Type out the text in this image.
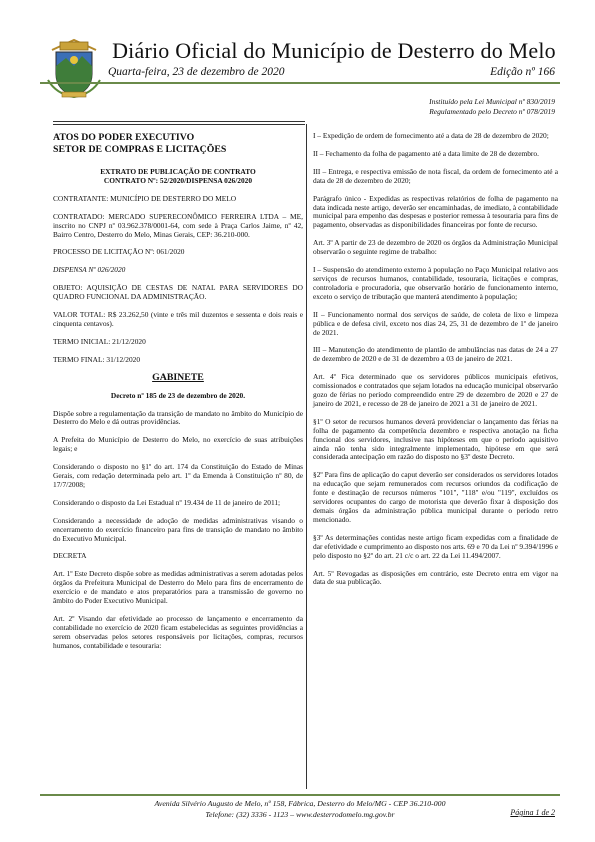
Diário Oficial do Município de Desterro do Melo
Quarta-feira, 23 de dezembro de 2020	Edição nº 166
Instituído pela Lei Municipal nº 830/2019
Regulamentado pelo Decreto nº 078/2019

ATOS DO PODER EXECUTIVO

SETOR DE COMPRAS E LICITAÇÕES

EXTRATO DE PUBLICAÇÃO DE CONTRATO

CONTRATO Nº: 52/2020/DISPENSA 026/2020

CONTRATANTE: MUNICÍPIO DE DESTERRO DO MELO

CONTRATADO: MERCADO SUPERECONÔMICO FERREIRA LTDA – ME, inscrito no CNPJ nº 03.962.378/0001-64, com sede à Praça Carlos Jaime, nº 42, Bairro Centro, Desterro do Melo, Minas Gerais, CEP: 36.210-000.

PROCESSO DE LICITAÇÃO Nº: 061/2020

DISPENSA Nº 026/2020

OBJETO: AQUISIÇÃO DE CESTAS DE NATAL PARA SERVIDORES DO QUADRO FUNCIONAL DA ADMINISTRAÇÃO.

VALOR TOTAL: R$ 23.262,50 (vinte e três mil duzentos e sessenta e dois reais e cinquenta centavos).

TERMO INICIAL: 21/12/2020

TERMO FINAL: 31/12/2020

GABINETE

Decreto nº 185 de 23 de dezembro de 2020.

Dispõe sobre a regulamentação da transição de mandato no âmbito do Município de Desterro do Melo e dá outras providências.

A Prefeita do Município de Desterro do Melo, no exercício de suas atribuições legais; e

Considerando o disposto no §1º do art. 174 da Constituição do Estado de Minas Gerais, com redação determinada pelo art. 1º da Emenda à Constituição nº 80, de 17/7/2008;

Considerando o disposto da Lei Estadual nº 19.434 de 11 de janeiro de 2011;

Considerando a necessidade de adoção de medidas administrativas visando o encerramento do exercício financeiro para fins de transição de mandato no âmbito do Executivo Municipal.

DECRETA

Art. 1º Este Decreto dispõe sobre as medidas administrativas a serem adotadas pelos órgãos da Prefeitura Municipal de Desterro do Melo para fins de encerramento de exercício e de mandato e atos preparatórios para a transmissão de governo no âmbito do Poder Executivo Municipal.

Art. 2º Visando dar efetividade ao processo de lançamento e encerramento da contabilidade no exercício de 2020 ficam estabelecidas as seguintes providências a serem observadas pelos setores responsáveis por licitações, compras, recursos humanos, contabilidade e tesouraria:

I – Expedição de ordem de fornecimento até a data de 28 de dezembro de 2020;

II – Fechamento da folha de pagamento até a data limite de 28 de dezembro.

III – Entrega, e respectiva emissão de nota fiscal, da ordem de fornecimento até a data de 28 de dezembro de 2020;

Parágrafo único - Expedidas as respectivas relatórios de folha de pagamento na data indicada neste artigo, deverão ser encaminhadas, de imediato, à contabilidade municipal para empenho das despesas e posterior remessa à tesouraria para fins de pagamento, observadas as disponibilidades financeiras por fonte de recurso.

Art. 3º A partir de 23 de dezembro de 2020 os órgãos da Administração Municipal observarão o seguinte regime de trabalho:

I – Suspensão do atendimento externo à população no Paço Municipal relativo aos serviços de recursos humanos, contabilidade, tesouraria, licitações e compras, controladoria e procuradoria, que observarão horário de funcionamento interno, exceto o serviço de tributação que manterá atendimento à população;

II – Funcionamento normal dos serviços de saúde, de coleta de lixo e limpeza pública e de defesa civil, exceto nos dias 24, 25, 31 de dezembro de 1º de janeiro de 2021.

III – Manutenção do atendimento de plantão de ambulâncias nas datas de 24 a 27 de dezembro de 2020 e de 31 de dezembro a 03 de janeiro de 2021.

Art. 4º Fica determinado que os servidores públicos municipais efetivos, comissionados e contratados que sejam lotados na educação municipal observarão gozo de férias no período compreendido entre 29 de dezembro de 2020 e 27 de janeiro de 2021, e recesso de 28 de janeiro de 2021 a 31 de janeiro de 2021.

§1º O setor de recursos humanos deverá providenciar o lançamento das férias na folha de pagamento da competência dezembro e respectiva anotação na ficha funcional dos servidores, inclusive nas hipóteses em que o período aquisitivo ainda não tenha sido integralmente implementado, hipótese em que será considerada antecipação em razão do disposto no §3º deste Decreto.

§2º Para fins de aplicação do caput deverão ser considerados os servidores lotados na educação que sejam remunerados com recursos oriundos da codificação de fonte e destinação de recursos números "101", "118" e/ou "119", excluídos os servidores ocupantes do cargo de motorista que deverão fixar à disposição dos demais órgãos da administração pública municipal durante o período retro mencionado.

§3º As determinações contidas neste artigo ficam expedidas com a finalidade de dar efetividade e cumprimento ao disposto nos arts. 69 e 70 da Lei nº 9.394/1996 e pelo disposto no §2º do art. 21 c/c o art. 22 da Lei 11.494/2007.

Art. 5º Revogadas as disposições em contrário, este Decreto entra em vigor na data de sua publicação.

Avenida Silvério Augusto de Melo, nº 158, Fábrica, Desterro do Melo/MG - CEP 36.210-000
Telefone: (32) 3336 - 1123 – www.desterrodomelo.mg.gov.br	Página 1 de 2
